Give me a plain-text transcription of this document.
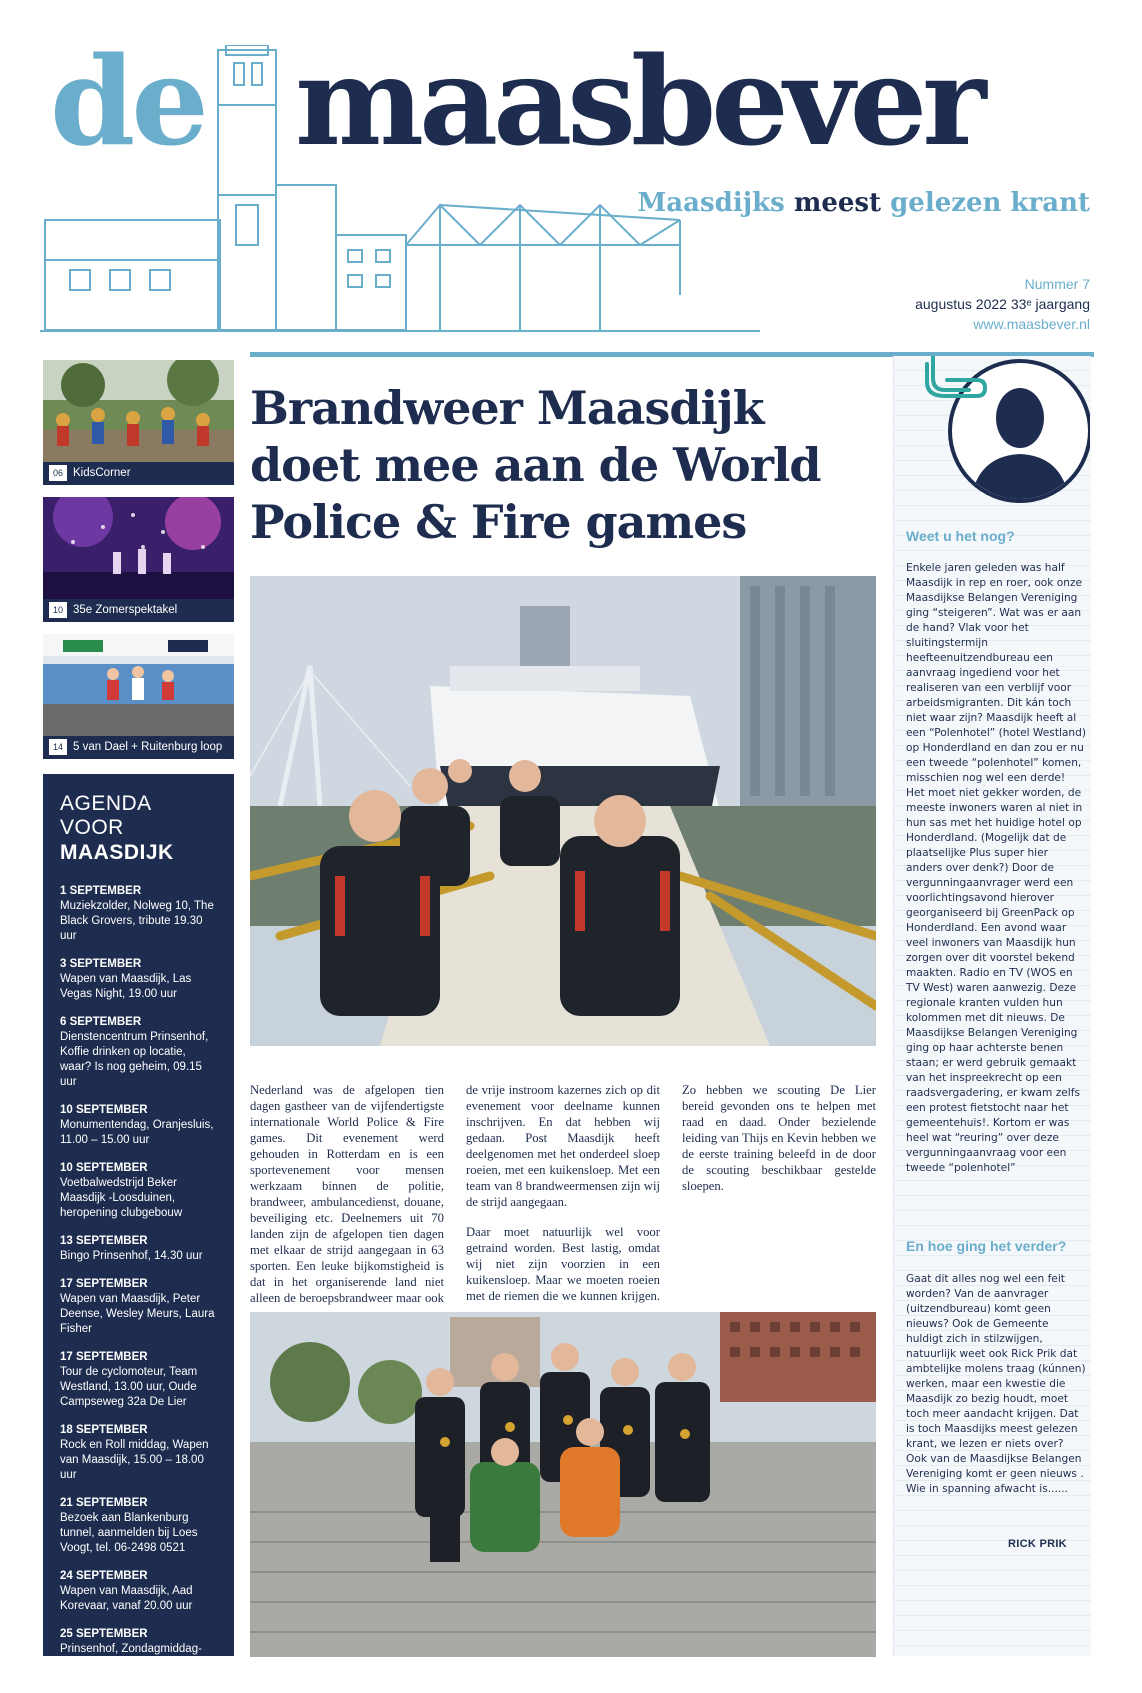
de maasbever
Maasdijks meest gelezen krant
Nummer 7
augustus 2022 33ᵉ jaargang
www.maasbever.nl
06 KidsCorner
10 35e Zomerspektakel
14 5 van Dael + Ruitenburg loop
AGENDA VOOR
MAASDIJK
1 SEPTEMBER
Muziekzolder, Nolweg 10, The Black Grovers, tribute 19.30 uur
3 SEPTEMBER
Wapen van Maasdijk, Las Vegas Night, 19.00 uur
6 SEPTEMBER
Dienstencentrum Prinsenhof, Koffie drinken op locatie, waar? Is nog geheim, 09.15 uur
10 SEPTEMBER
Monumentendag, Oranjesluis, 11.00 – 15.00 uur
10 SEPTEMBER
Voetbalwedstrijd Beker Maasdijk -Loosduinen, heropening clubgebouw
13 SEPTEMBER
Bingo Prinsenhof, 14.30 uur
17 SEPTEMBER
Wapen van Maasdijk, Peter Deense, Wesley Meurs, Laura Fisher
17 SEPTEMBER
Tour de cyclomoteur, Team Westland, 13.00 uur, Oude Campseweg 32a De Lier
18 SEPTEMBER
Rock en Roll middag, Wapen van Maasdijk, 15.00 – 18.00 uur
21 SEPTEMBER
Bezoek aan Blankenburg tunnel, aanmelden bij Loes Voogt, tel. 06-2498 0521
24 SEPTEMBER
Wapen van Maasdijk, Aad Korevaar, vanaf 20.00 uur
25 SEPTEMBER
Prinsenhof, Zondagmiddag-break, Bloemschikken 14.30 uur
Brandweer Maasdijk doet mee aan de World Police & Fire games

Nederland was de afgelopen tien dagen gastheer van de vijfendertigste internationale World Police & Fire games. Dit evenement werd gehouden in Rotterdam en is een sportevenement voor mensen werkzaam binnen de politie, brandweer, ambulancedienst, douane, beveiliging etc. Deelnemers uit 70 landen zijn de afgelopen tien dagen met elkaar de strijd aangegaan in 63 sporten. Een leuke bijkomstigheid is dat in het organiserende land niet alleen de beroepsbrandweer maar ook de vrije instroom kazernes zich op dit evenement voor deelname kunnen inschrijven. En dat hebben wij gedaan. Post Maasdijk heeft deelgenomen met het onderdeel sloep roeien, met een kuikensloep. Met een team van 8 brandweermensen zijn wij de strijd aangegaan.

Daar moet natuurlijk wel voor getraind worden. Best lastig, omdat wij niet zijn voorzien in een kuikensloep. Maar we moeten roeien met de riemen die we kunnen krijgen. Zo hebben we scouting De Lier bereid gevonden ons te helpen met raad en daad. Onder bezielende leiding van Thijs en Kevin hebben we de eerste training beleefd in de door de scouting beschikbaar gestelde sloepen.

Weet u het nog?
Enkele jaren geleden was half Maasdijk in rep en roer, ook onze Maasdijkse Belangen Vereniging ging “steigeren”. Wat was er aan de hand? Vlak voor het sluitingstermijn heefteenuitzendbureau een aanvraag ingediend voor het realiseren van een verblijf voor arbeidsmigranten. Dit kán toch niet waar zijn? Maasdijk heeft al een “Polenhotel” (hotel Westland) op Honderdland en dan zou er nu een tweede “polenhotel” komen, misschien nog wel een derde! Het moet niet gekker worden, de meeste inwoners waren al niet in hun sas met het huidige hotel op Honderdland. (Mogelijk dat de plaatselijke Plus super hier anders over denk?) Door de vergunningaanvrager werd een voorlichtingsavond hierover georganiseerd bij GreenPack op Honderdland. Een avond waar veel inwoners van Maasdijk hun zorgen over dit voorstel bekend maakten. Radio en TV (WOS en TV West) waren aanwezig. Deze regionale kranten vulden hun kolommen met dit nieuws. De Maasdijkse Belangen Vereniging ging op haar achterste benen staan; er werd gebruik gemaakt van het inspreekrecht op een raadsvergadering, er kwam zelfs een protest fietstocht naar het gemeentehuis!. Kortom er was heel wat “reuring” over deze vergunningaanvraag voor een tweede “polenhotel”
En hoe ging het verder?
Gaat dit alles nog wel een feit worden? Van de aanvrager (uitzendbureau) komt geen nieuws? Ook de Gemeente huldigt zich in stilzwijgen, natuurlijk weet ook Rick Prik dat ambtelijke molens traag (kúnnen) werken, maar een kwestie die Maasdijk zo bezig houdt, moet toch meer aandacht krijgen. Dat is toch Maasdijks meest gelezen krant, we lezen er niets over? Ook van de Maasdijkse Belangen Vereniging komt er geen nieuws . Wie in spanning afwacht is......
RICK PRIK
